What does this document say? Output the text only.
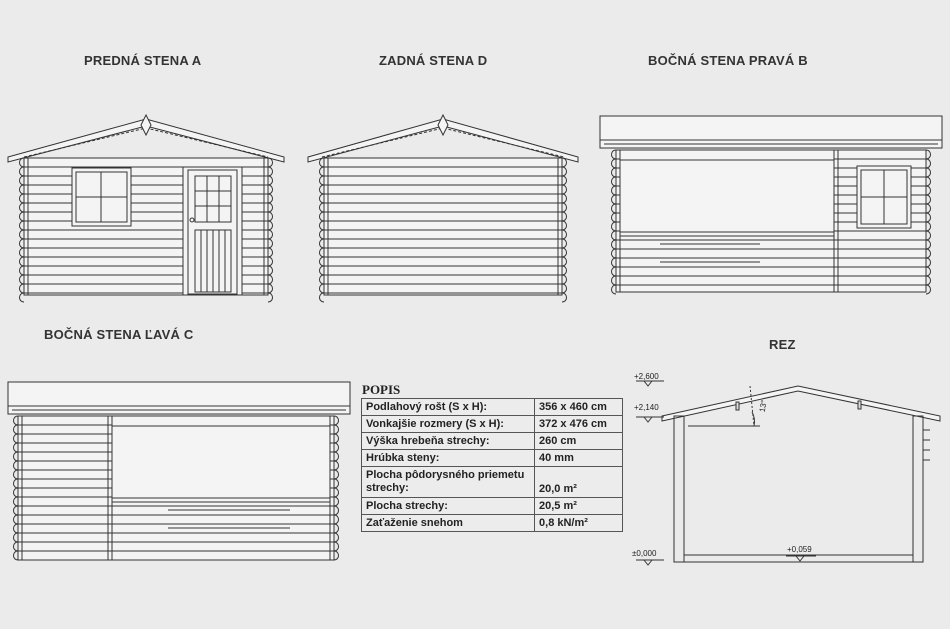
PREDNÁ STENA A	ZADNÁ STENA D	BOČNÁ STENA PRAVÁ B
BOČNÁ STENA ĽAVÁ C
REZ
+2,600
+2,140
±0,000	+0,059
13°
POPIS
Podlahový rošt (S x H):	356 x 460 cm
Vonkajšie rozmery (S x H):	372 x 476 cm
Výška hrebeňa strechy:	260 cm
Hrúbka steny:	40 mm
Plocha pôdorysného priemetu strechy:	20,0 m²
Plocha strechy:	20,5 m²
Zaťaženie snehom	0,8 kN/m²
